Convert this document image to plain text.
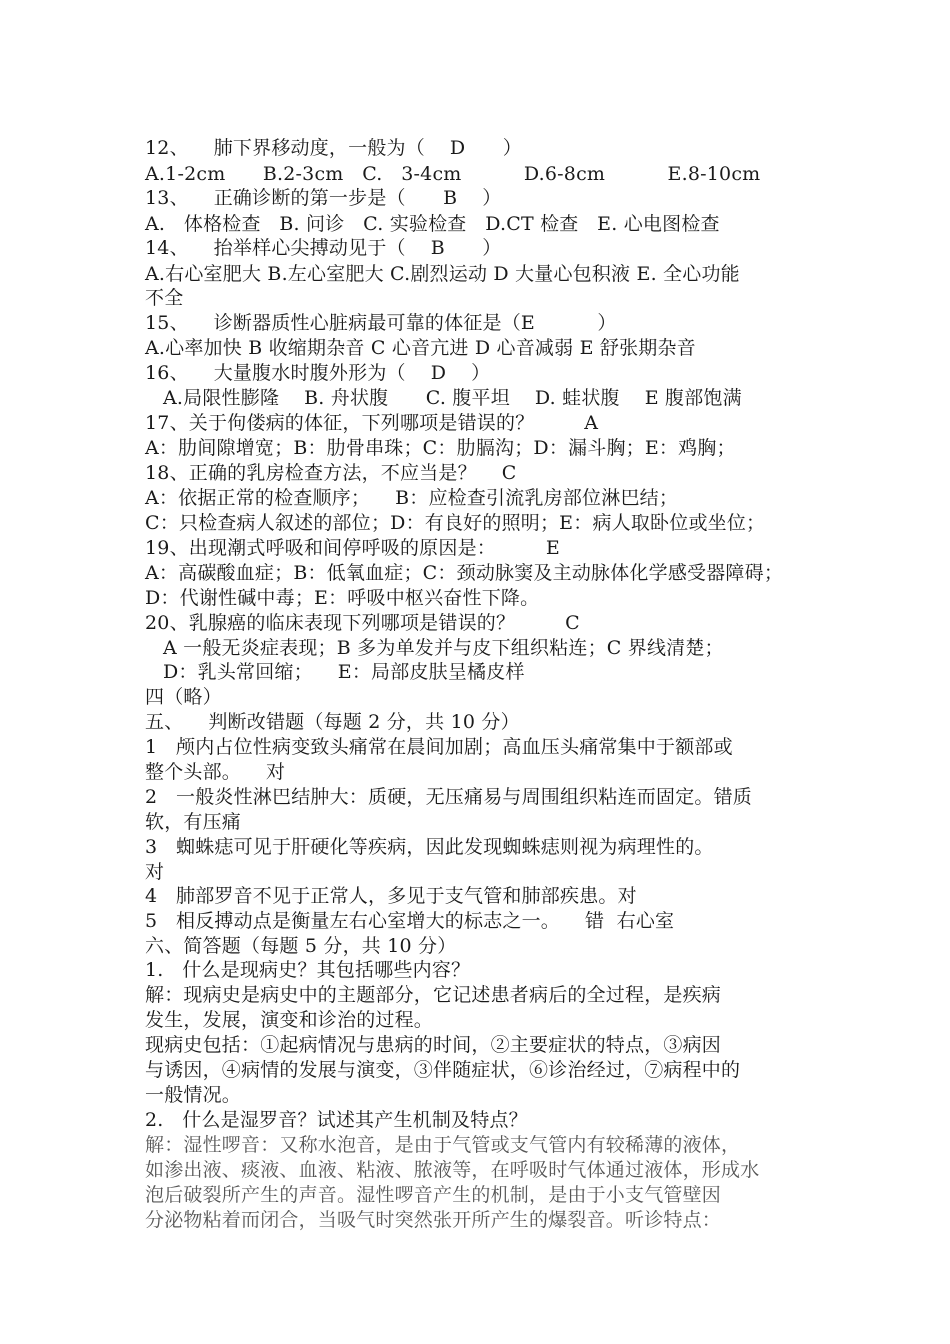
12、    肺下界移动度，一般为（    D      ）
A.1-2cm      B.2-3cm   C.   3-4cm          D.6-8cm          E.8-10cm
13、    正确诊断的第一步是（      B    ）
A.   体格检查   B. 问诊   C. 实验检查   D.CT 检查   E. 心电图检查
14、    抬举样心尖搏动见于（    B      ）
A.右心室肥大 B.左心室肥大 C.剧烈运动 D 大量心包积液 E. 全心功能
不全
15、    诊断器质性心脏病最可靠的体征是（E          ）
A.心率加快 B 收缩期杂音 C 心音亢进 D 心音减弱 E 舒张期杂音
16、    大量腹水时腹外形为（    D    ）
A.局限性膨隆    B. 舟状腹      C. 腹平坦    D. 蛙状腹    E 腹部饱满
17、关于佝偻病的体征，下列哪项是错误的？        A
A：肋间隙增宽；B：肋骨串珠；C：肋膈沟；D：漏斗胸；E：鸡胸；
18、正确的乳房检查方法，不应当是？    C
A：依据正常的检查顺序；    B：应检查引流乳房部位淋巴结；
C：只检查病人叙述的部位；D：有良好的照明；E：病人取卧位或坐位；
19、出现潮式呼吸和间停呼吸的原因是：        E
A：高碳酸血症；B：低氧血症；C：颈动脉窦及主动脉体化学感受器障碍；
D：代谢性碱中毒；E：呼吸中枢兴奋性下降。
20、乳腺癌的临床表现下列哪项是错误的？        C
A 一般无炎症表现；B 多为单发并与皮下组织粘连；C 界线清楚；
D：乳头常回缩；    E：局部皮肤呈橘皮样
四（略）
五、    判断改错题（每题 2 分，共 10 分）
1   颅内占位性病变致头痛常在晨间加剧；高血压头痛常集中于额部或
整个头部。    对
2   一般炎性淋巴结肿大：质硬，无压痛易与周围组织粘连而固定。错质
软，有压痛
3   蜘蛛痣可见于肝硬化等疾病，因此发现蜘蛛痣则视为病理性的。
对
4   肺部罗音不见于正常人，多见于支气管和肺部疾患。对
5   相反搏动点是衡量左右心室增大的标志之一。    错  右心室
六、简答题（每题 5 分，共 10 分）
1.   什么是现病史？其包括哪些内容？
解：现病史是病史中的主题部分，它记述患者病后的全过程，是疾病
发生，发展，演变和诊治的过程。
现病史包括：①起病情况与患病的时间，②主要症状的特点，③病因
与诱因，④病情的发展与演变，③伴随症状，⑥诊治经过，⑦病程中的
一般情况。
2.   什么是湿罗音？试述其产生机制及特点？
解：湿性啰音：又称水泡音，是由于气管或支气管内有较稀薄的液体，
如渗出液、痰液、血液、粘液、脓液等，在呼吸时气体通过液体，形成水
泡后破裂所产生的声音。湿性啰音产生的机制，是由于小支气管壁因
分泌物粘着而闭合，当吸气时突然张开所产生的爆裂音。听诊特点：
